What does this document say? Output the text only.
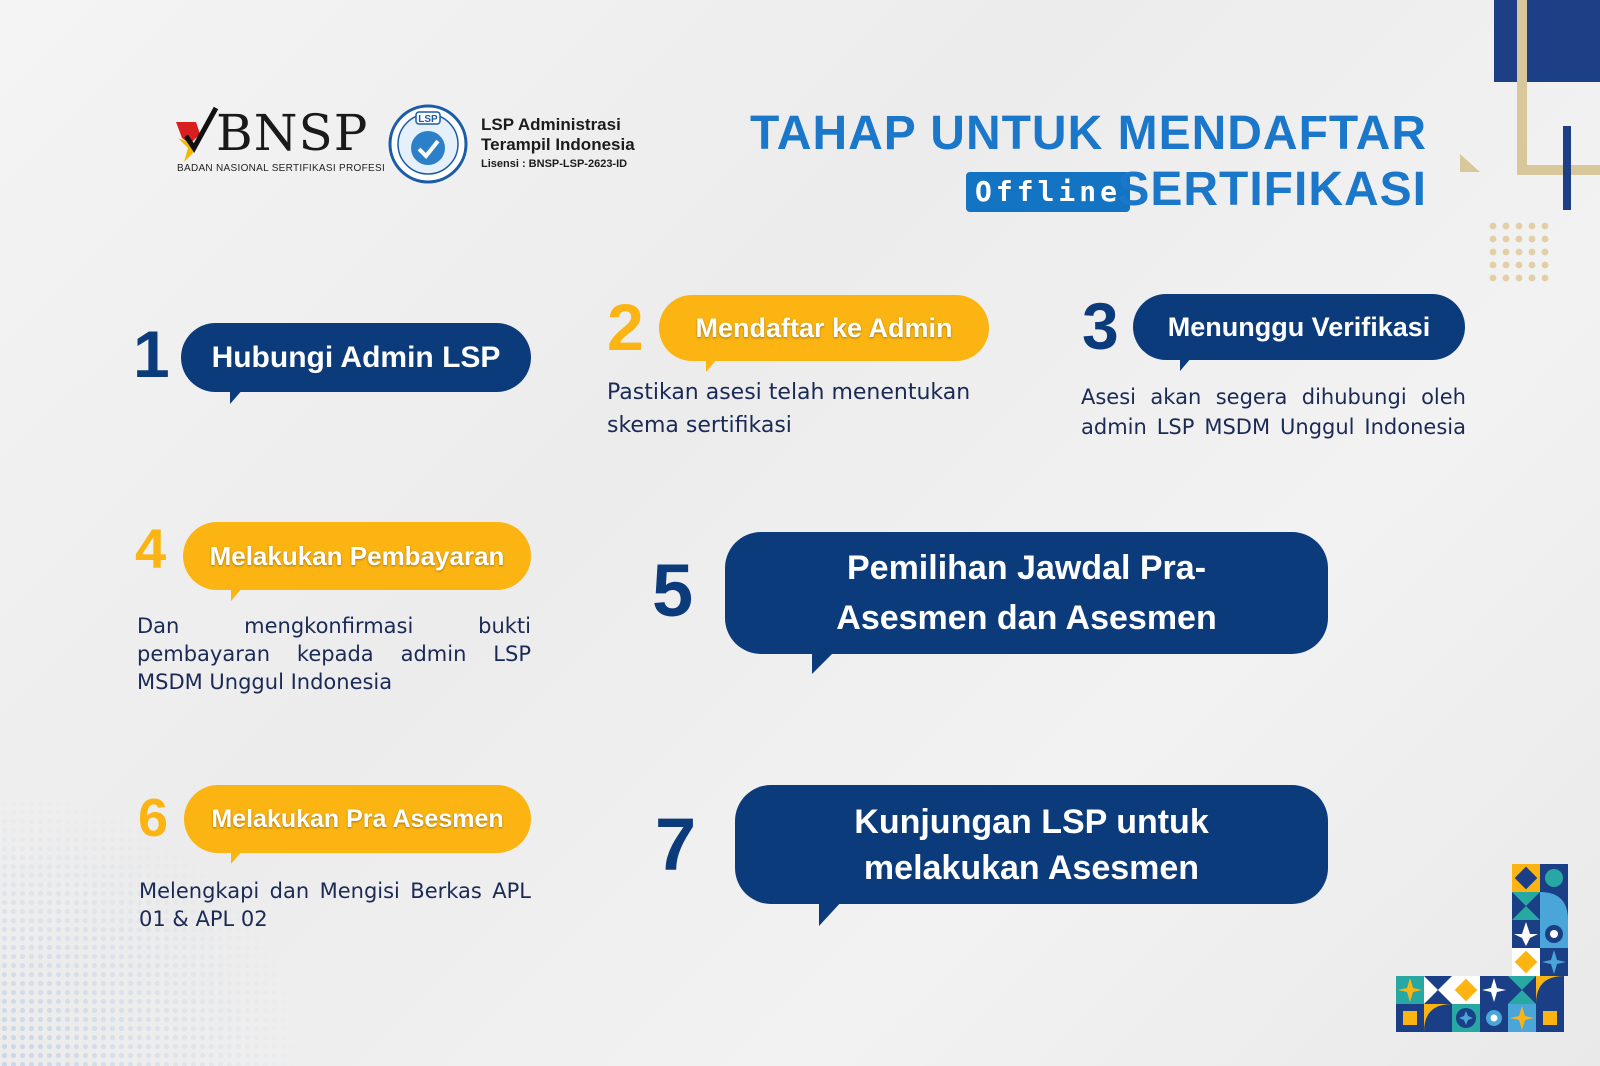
BNSP
BADAN NASIONAL SERTIFIKASI PROFESI
LSP	LSP Administrasi
Terampil Indonesia
Lisensi : BNSP-LSP-2623-ID
TAHAP UNTUK MENDAFTAR
Offline
SERTIFIKASI
1 Hubungi Admin LSP 2 Mendaftar ke Admin
Pastikan asesi telah menentukan skema sertifikasi
3 Menunggu Verifikasi
Asesi akan segera dihubungi oleh admin LSP MSDM Unggul Indonesia
4 Melakukan Pembayaran
Dan mengkonfirmasi bukti pembayaran kepada admin LSP MSDM Unggul Indonesia
5	Pemilihan Jawdal Pra-
Asesmen dan Asesmen
6 Melakukan Pra Asesmen
Melengkapi dan Mengisi Berkas APL 01 & APL 02
7	Kunjungan LSP untuk
melakukan Asesmen
